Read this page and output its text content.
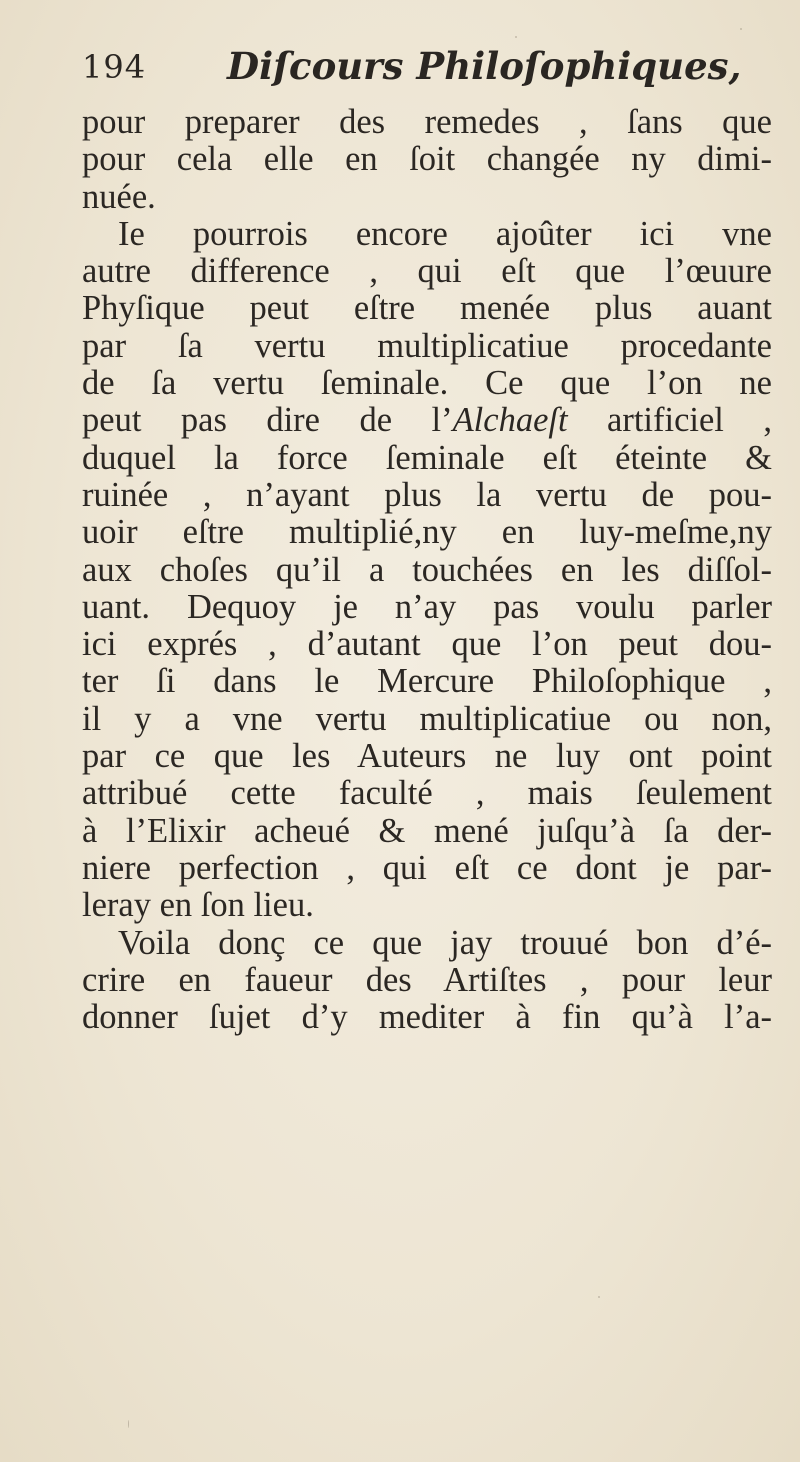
194 Diſcours Philoſophiques,
pour preparer des remedes , ſans que
pour cela elle en ſoit changée ny dimi-
nuée.
Ie pourrois encore ajoûter ici vne
autre difference , qui eſt que l’œuure
Phyſique peut eſtre menée plus auant
par ſa vertu multiplicatiue procedante
de ſa vertu ſeminale. Ce que l’on ne
peut pas dire de l’Alchaeſt artificiel ,
duquel la force ſeminale eſt éteinte &
ruinée , n’ayant plus la vertu de pou-
uoir eſtre multiplié,ny en luy-meſme,ny
aux choſes qu’il a touchées en les diſſol-
uant. Dequoy je n’ay pas voulu parler
ici exprés , d’autant que l’on peut dou-
ter ſi dans le Mercure Philoſophique ,
il y a vne vertu multiplicatiue ou non,
par ce que les Auteurs ne luy ont point
attribué cette faculté , mais ſeulement
à l’Elixir acheué & mené juſqu’à ſa der-
niere perfection , qui eſt ce dont je par-
leray en ſon lieu.
Voila donç ce que jay trouué bon d’é-
crire en faueur des Artiſtes , pour leur
donner ſujet d’y mediter à fin qu’à l’a-
